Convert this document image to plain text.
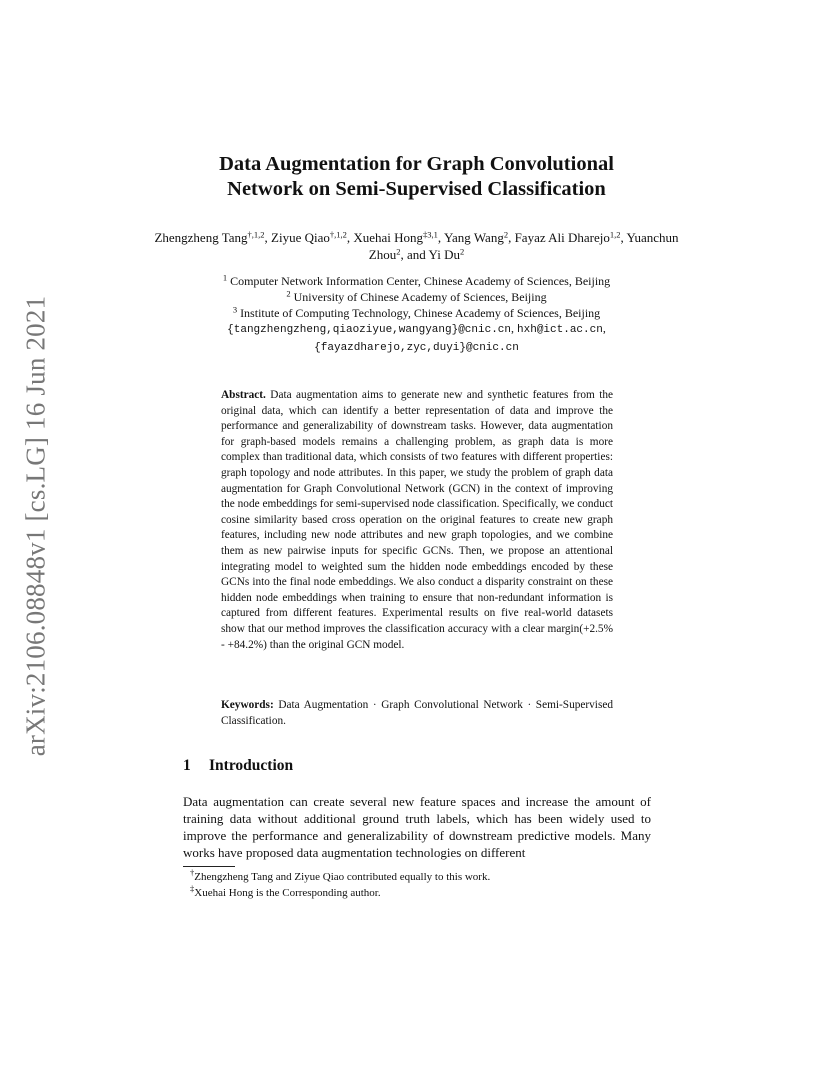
arXiv:2106.08848v1 [cs.LG] 16 Jun 2021
Data Augmentation for Graph Convolutional
Network on Semi-Supervised Classification
Zhengzheng Tang$^{\dagger,1,2}$, Ziyue Qiao$^{\dagger,1,2}$, Xuehai Hong$^{\ddagger 3,1}$, Yang Wang$^2$, Fayaz Ali Dharejo$^{1,2}$, Yuanchun Zhou$^2$, and Yi Du$^2$
$^1$ Computer Network Information Center, Chinese Academy of Sciences, Beijing
$^2$ University of Chinese Academy of Sciences, Beijing
$^3$ Institute of Computing Technology, Chinese Academy of Sciences, Beijing
{tangzhengzheng,qiaoziyue,wangyang}@cnic.cn, hxh@ict.ac.cn,
{fayazdharejo,zyc,duyi}@cnic.cn
Abstract. Data augmentation aims to generate new and synthetic features from the original data, which can identify a better representation of data and improve the performance and generalizability of downstream tasks. However, data augmentation for graph-based models remains a challenging problem, as graph data is more complex than traditional data, which consists of two features with different properties: graph topology and node attributes. In this paper, we study the problem of graph data augmentation for Graph Convolutional Network (GCN) in the context of improving the node embeddings for semi-supervised node classification. Specifically, we conduct cosine similarity based cross operation on the original features to create new graph features, including new node attributes and new graph topologies, and we combine them as new pairwise inputs for specific GCNs. Then, we propose an attentional integrating model to weighted sum the hidden node embeddings encoded by these GCNs into the final node embeddings. We also conduct a disparity constraint on these hidden node embeddings when training to ensure that non-redundant information is captured from different features. Experimental results on five real-world datasets show that our method improves the classification accuracy with a clear margin(+2.5% - +84.2%) than the original GCN model.
Keywords: Data Augmentation · Graph Convolutional Network · Semi-Supervised Classification.
1 Introduction
Data augmentation can create several new feature spaces and increase the amount of training data without additional ground truth labels, which has been widely used to improve the performance and generalizability of downstream predictive models. Many works have proposed data augmentation technologies on different
†Zhengzheng Tang and Ziyue Qiao contributed equally to this work.
‡Xuehai Hong is the Corresponding author.
